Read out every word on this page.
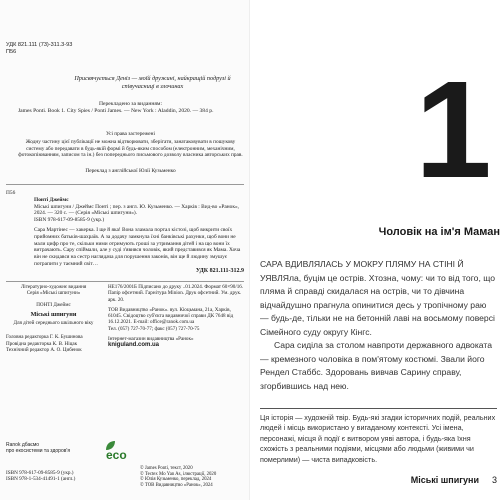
УДК 821.111 (73)-311.3-93
П56
Присвячується Деніз — моїй дружині, найкращій подрузі й співучасниці в злочинах
Перекладено за виданням:
James Ponti. Book 1. City Spies / Ponti James. — New York : Aladdin, 2020. — 384 p.
Усі права застережені
Жодну частину цієї публікації не можна відтворювати, зберігати, занатаковувати в пошукову систему або передавати в будь-якій формі й будь-яким способом (електронним, механічним, фотокопіюванням, записом та ін.) без попереднього письмового дозволу власника авторських прав.
Переклад з англійської Юлії Кузьменко
П56
Понті Джеймс
Міські шпигуни / Джеймс Понті ; пер. з англ. Ю. Кузьменко. — Харків : Вид-во «Ранок», 2024. — 320 с. — (Серія «Міські шпигуни»).
ISBN 978-617-09-8585-9 (укр.)
Сара Мартінес — хакерка. І ще й яка! Вона зламала портал кістозі, щоб викрити своїх прийомних батьків-шахраїв. А за додачу замкнула їхні банківські рахунки, щоб вони не мали цифр про те, скільки ними отримують гроші за утримання дітей і на що вони їх витрачають. Сару спіймали, але у суді з'явився чоловік, який представився як Мама. Хоча він не скидався на сестр наглядача для порушення законів, він ще й людину змушує потрапити у таємний світ…
УДК 821.111-312.9
Літературно-художнє видання
Серія «Міські шпигуни»
ПОНТІ Джеймс
Міські шпигуни
Для дітей середнього шкільного віку
Головна редакторка Г. К. Бушинова
Провідна редакторка К. В. Ніцак
Технічний редактор А. О. Цибенок
НЕ176/2001Б Підписано до друку ..01.2024. Формат 60×90/16. Папір офсетний. Гарнітура Minion. Друк офсетний. Ум. друк. арк. 20.
ТОВ Видавництво «Ранок». вул. Кіоцьмана, 21а, Харків, 61045. Свідоцтво суб'єкта видавничої справи ДК 7648 від 16.12.2021. E-mail: office@ranok.com.ua
Тел. (057) 727-70-77; факс (057) 727-70-75
Інтернет-магазин видавництва «Ранок»
kniguland.com.ua
Ranok дбаємо
про екосистеми та здоров'я	eco
ISBN 978-617-09-8585-9 (укр.)
ISBN 978-1-534-41491-1 (англ.)
© James Ponti, текст, 2020
© Тесtex Mo Yan As, ілюстрації, 2020
© Юлія Кузьменко, переклад, 2024
© ТОВ Видавництво «Ранок», 2024
1
Чоловік на ім'я Маман

САРА ВДИВЛЯЛАСЬ У МОКРУ ПЛЯМУ НА СТІНІ Й УЯВЛЯла, буцім це острів. Хтозна, чому: чи то від того, що пляма й справді скидалася на острів, чи то дівчина відчайдушно прагнула опинитися десь у тропічному раю — будь-де, тільки не на бетонній лаві на восьмому поверсі Сімейного суду округу Кінгс.

Сара сиділа за столом навпроти державного адвоката — кремезного чоловіка в пом'ятому костюмі. Звали його Рендел Стаббс. Здоровань вивчав Сарину справу, згорбившись над нею.

Ця історія — художній твір. Будь-які згадки історичних подій, реальних людей і місць використано у вигаданому контексті. Усі імена, персонажі, місця й події є витвором уяві автора, і будь-яка їхня схожість з реальними подіями, місцями або людьми (живими чи померлими) — чиста випадковість.
Міські шпигуни 3
